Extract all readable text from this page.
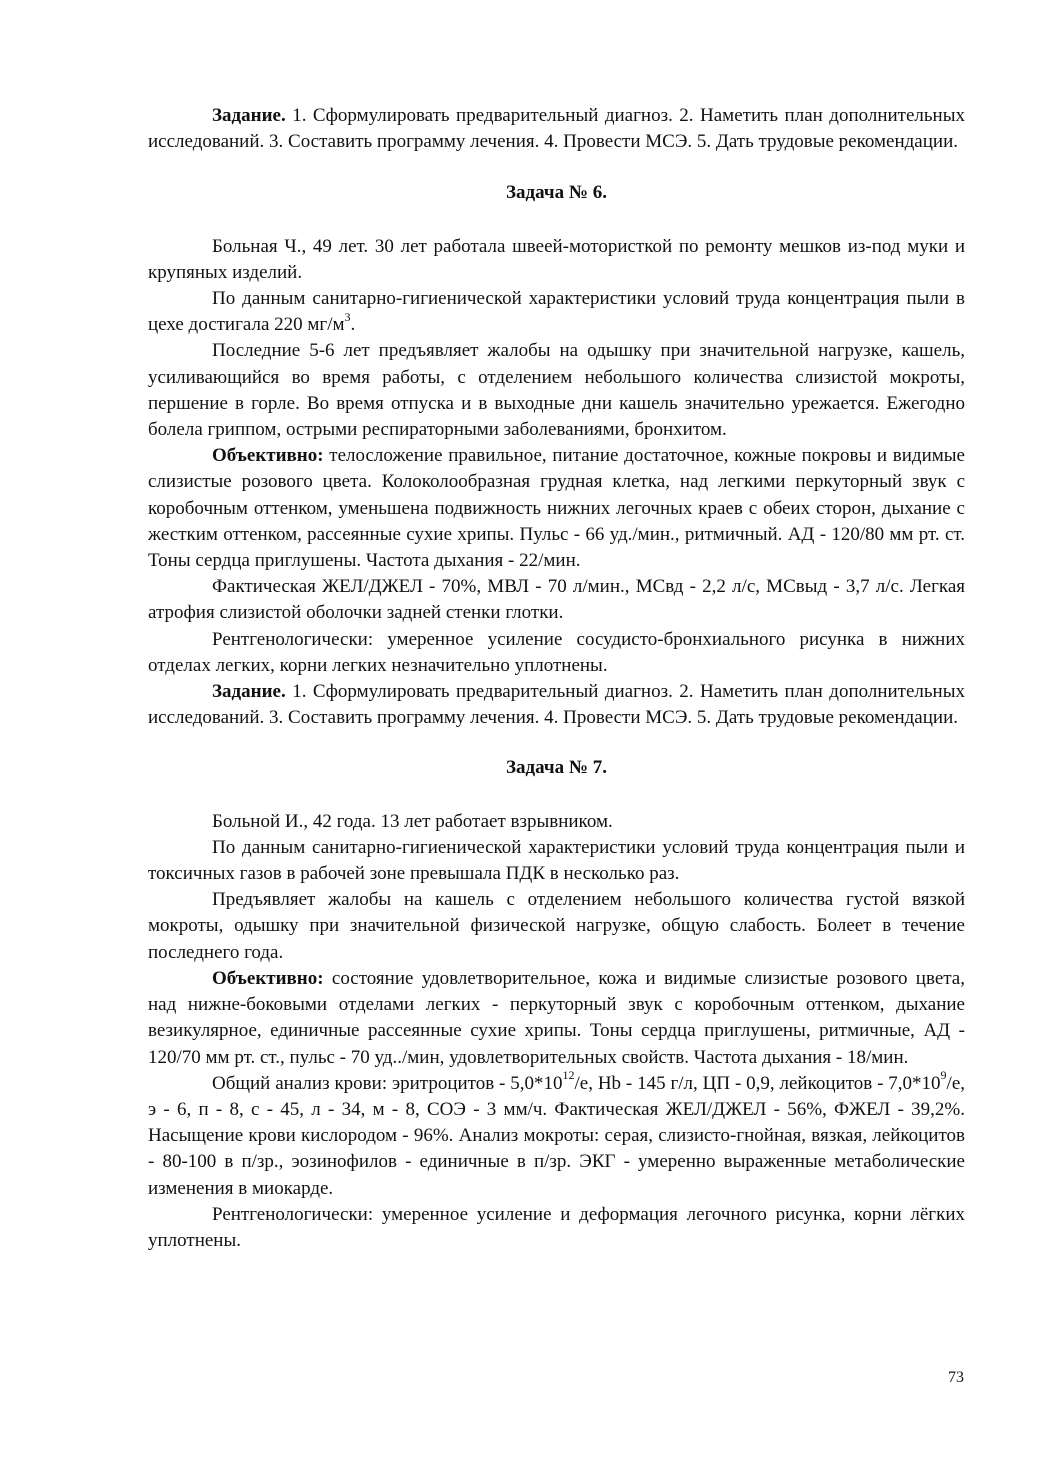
Задание. 1. Сформулировать предварительный диагноз. 2. Наметить план дополнительных исследований. 3. Составить программу лечения. 4. Провести МСЭ. 5. Дать трудовые рекомендации.

Задача № 6.

Больная Ч., 49 лет. 30 лет работала швеей-мотористкой по ремонту мешков из-под муки и крупяных изделий.

По данным санитарно-гигиенической характеристики условий труда концентрация пыли в цехе достигала 220 $мг/м^3$.

Последние 5-6 лет предъявляет жалобы на одышку при значительной нагрузке, кашель, усиливающийся во время работы, с отделением небольшого количества слизистой мокроты, першение в горле. Во время отпуска и в выходные дни кашель значительно урежается. Ежегодно болела гриппом, острыми респираторными заболеваниями, бронхитом.

Объективно: телосложение правильное, питание достаточное, кожные покровы и видимые слизистые розового цвета. Колоколообразная грудная клетка, над легкими перкуторный звук с коробочным оттенком, уменьшена подвижность нижних легочных краев с обеих сторон, дыхание с жестким оттенком, рассеянные сухие хрипы. Пульс - 66 уд./мин., ритмичный. АД - 120/80 мм рт. ст. Тоны сердца приглушены. Частота дыхания - 22/мин.

Фактическая ЖЕЛ/ДЖЕЛ - 70%, МВЛ - 70 л/мин., МСвд - 2,2 л/с, МСвыд - 3,7 л/с. Легкая атрофия слизистой оболочки задней стенки глотки.

Рентгенологически: умеренное усиление сосудисто-бронхиального рисунка в нижних отделах легких, корни легких незначительно уплотнены.

Задание. 1. Сформулировать предварительный диагноз. 2. Наметить план дополнительных исследований. 3. Составить программу лечения. 4. Провести МСЭ. 5. Дать трудовые рекомендации.

Задача № 7.

Больной И., 42 года. 13 лет работает взрывником.

По данным санитарно-гигиенической характеристики условий труда концентрация пыли и токсичных газов в рабочей зоне превышала ПДК в несколько раз.

Предъявляет жалобы на кашель с отделением небольшого количества густой вязкой мокроты, одышку при значительной физической нагрузке, общую слабость. Болеет в течение последнего года.

Объективно: состояние удовлетворительное, кожа и видимые слизистые розового цвета, над нижне-боковыми отделами легких - перкуторный звук с коробочным оттенком, дыхание везикулярное, единичные рассеянные сухие хрипы. Тоны сердца приглушены, ритмичные, АД - 120/70 мм рт. ст., пульс - 70 уд../мин, удовлетворительных свойств. Частота дыхания - 18/мин.

Общий анализ крови: эритроцитов - $5,0*10^{12}/е$, Hb - 145 г/л, ЦП - 0,9, лейкоцитов - $7,0*10^9/е$, э - 6, п - 8, с - 45, л - 34, м - 8, СОЭ - 3 мм/ч. Фактическая ЖЕЛ/ДЖЕЛ - 56%, ФЖЕЛ - 39,2%. Насыщение крови кислородом - 96%. Анализ мокроты: серая, слизисто-гнойная, вязкая, лейкоцитов - 80-100 в п/зр., эозинофилов - единичные в п/зр. ЭКГ - умеренно выраженные метаболические изменения в миокарде.

Рентгенологически: умеренное усиление и деформация легочного рисунка, корни лёгких уплотнены.

73
